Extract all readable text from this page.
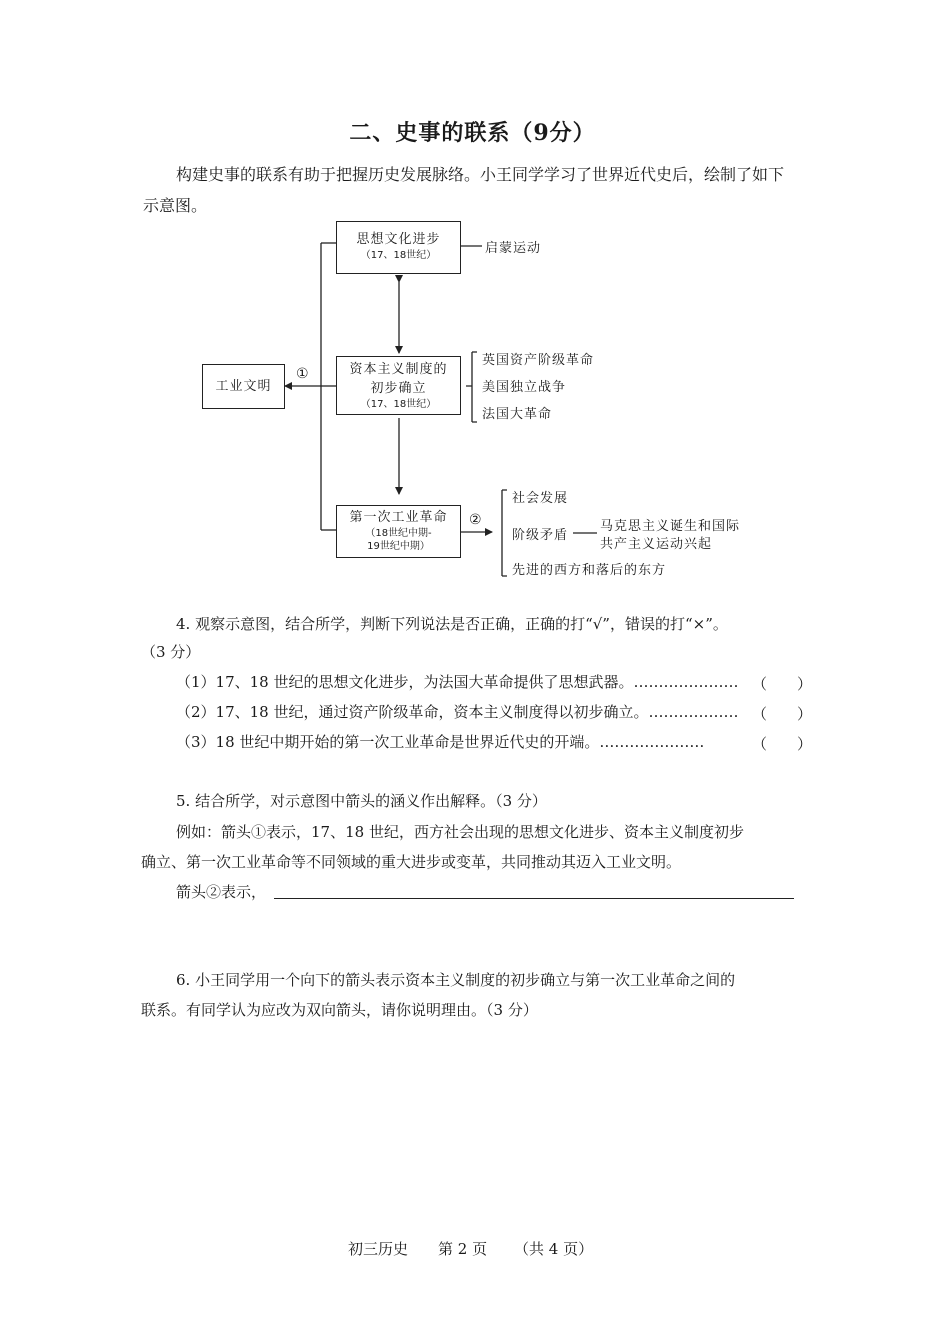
二、史事的联系（9分）
构建史事的联系有助于把握历史发展脉络。小王同学学习了世界近代史后，绘制了如下
示意图。
工业文明
①
思想文化进步
（17、18世纪）
资本主义制度的
初步确立
（17、18世纪）
第一次工业革命
（18世纪中期-
19世纪中期）
启蒙运动
英国资产阶级革命
美国独立战争
法国大革命
②
社会发展
阶级矛盾
马克思主义诞生和国际
共产主义运动兴起
先进的西方和落后的东方
4. 观察示意图，结合所学，判断下列说法是否正确，正确的打“√”，错误的打“×”。
（3 分）
（1）17、18 世纪的思想文化进步，为法国大革命提供了思想武器。………………… （　　）
（2）17、18 世纪，通过资产阶级革命，资本主义制度得以初步确立。……………… （　　）
（3）18 世纪中期开始的第一次工业革命是世界近代史的开端。…………………	（　　）
5. 结合所学，对示意图中箭头的涵义作出解释。（3 分）
例如：箭头①表示，17、18 世纪，西方社会出现的思想文化进步、资本主义制度初步
确立、第一次工业革命等不同领域的重大进步或变革，共同推动其迈入工业文明。
箭头②表示，
6. 小王同学用一个向下的箭头表示资本主义制度的初步确立与第一次工业革命之间的
联系。有同学认为应改为双向箭头，请你说明理由。（3 分）
初三历史 第 2 页 （共 4 页）
